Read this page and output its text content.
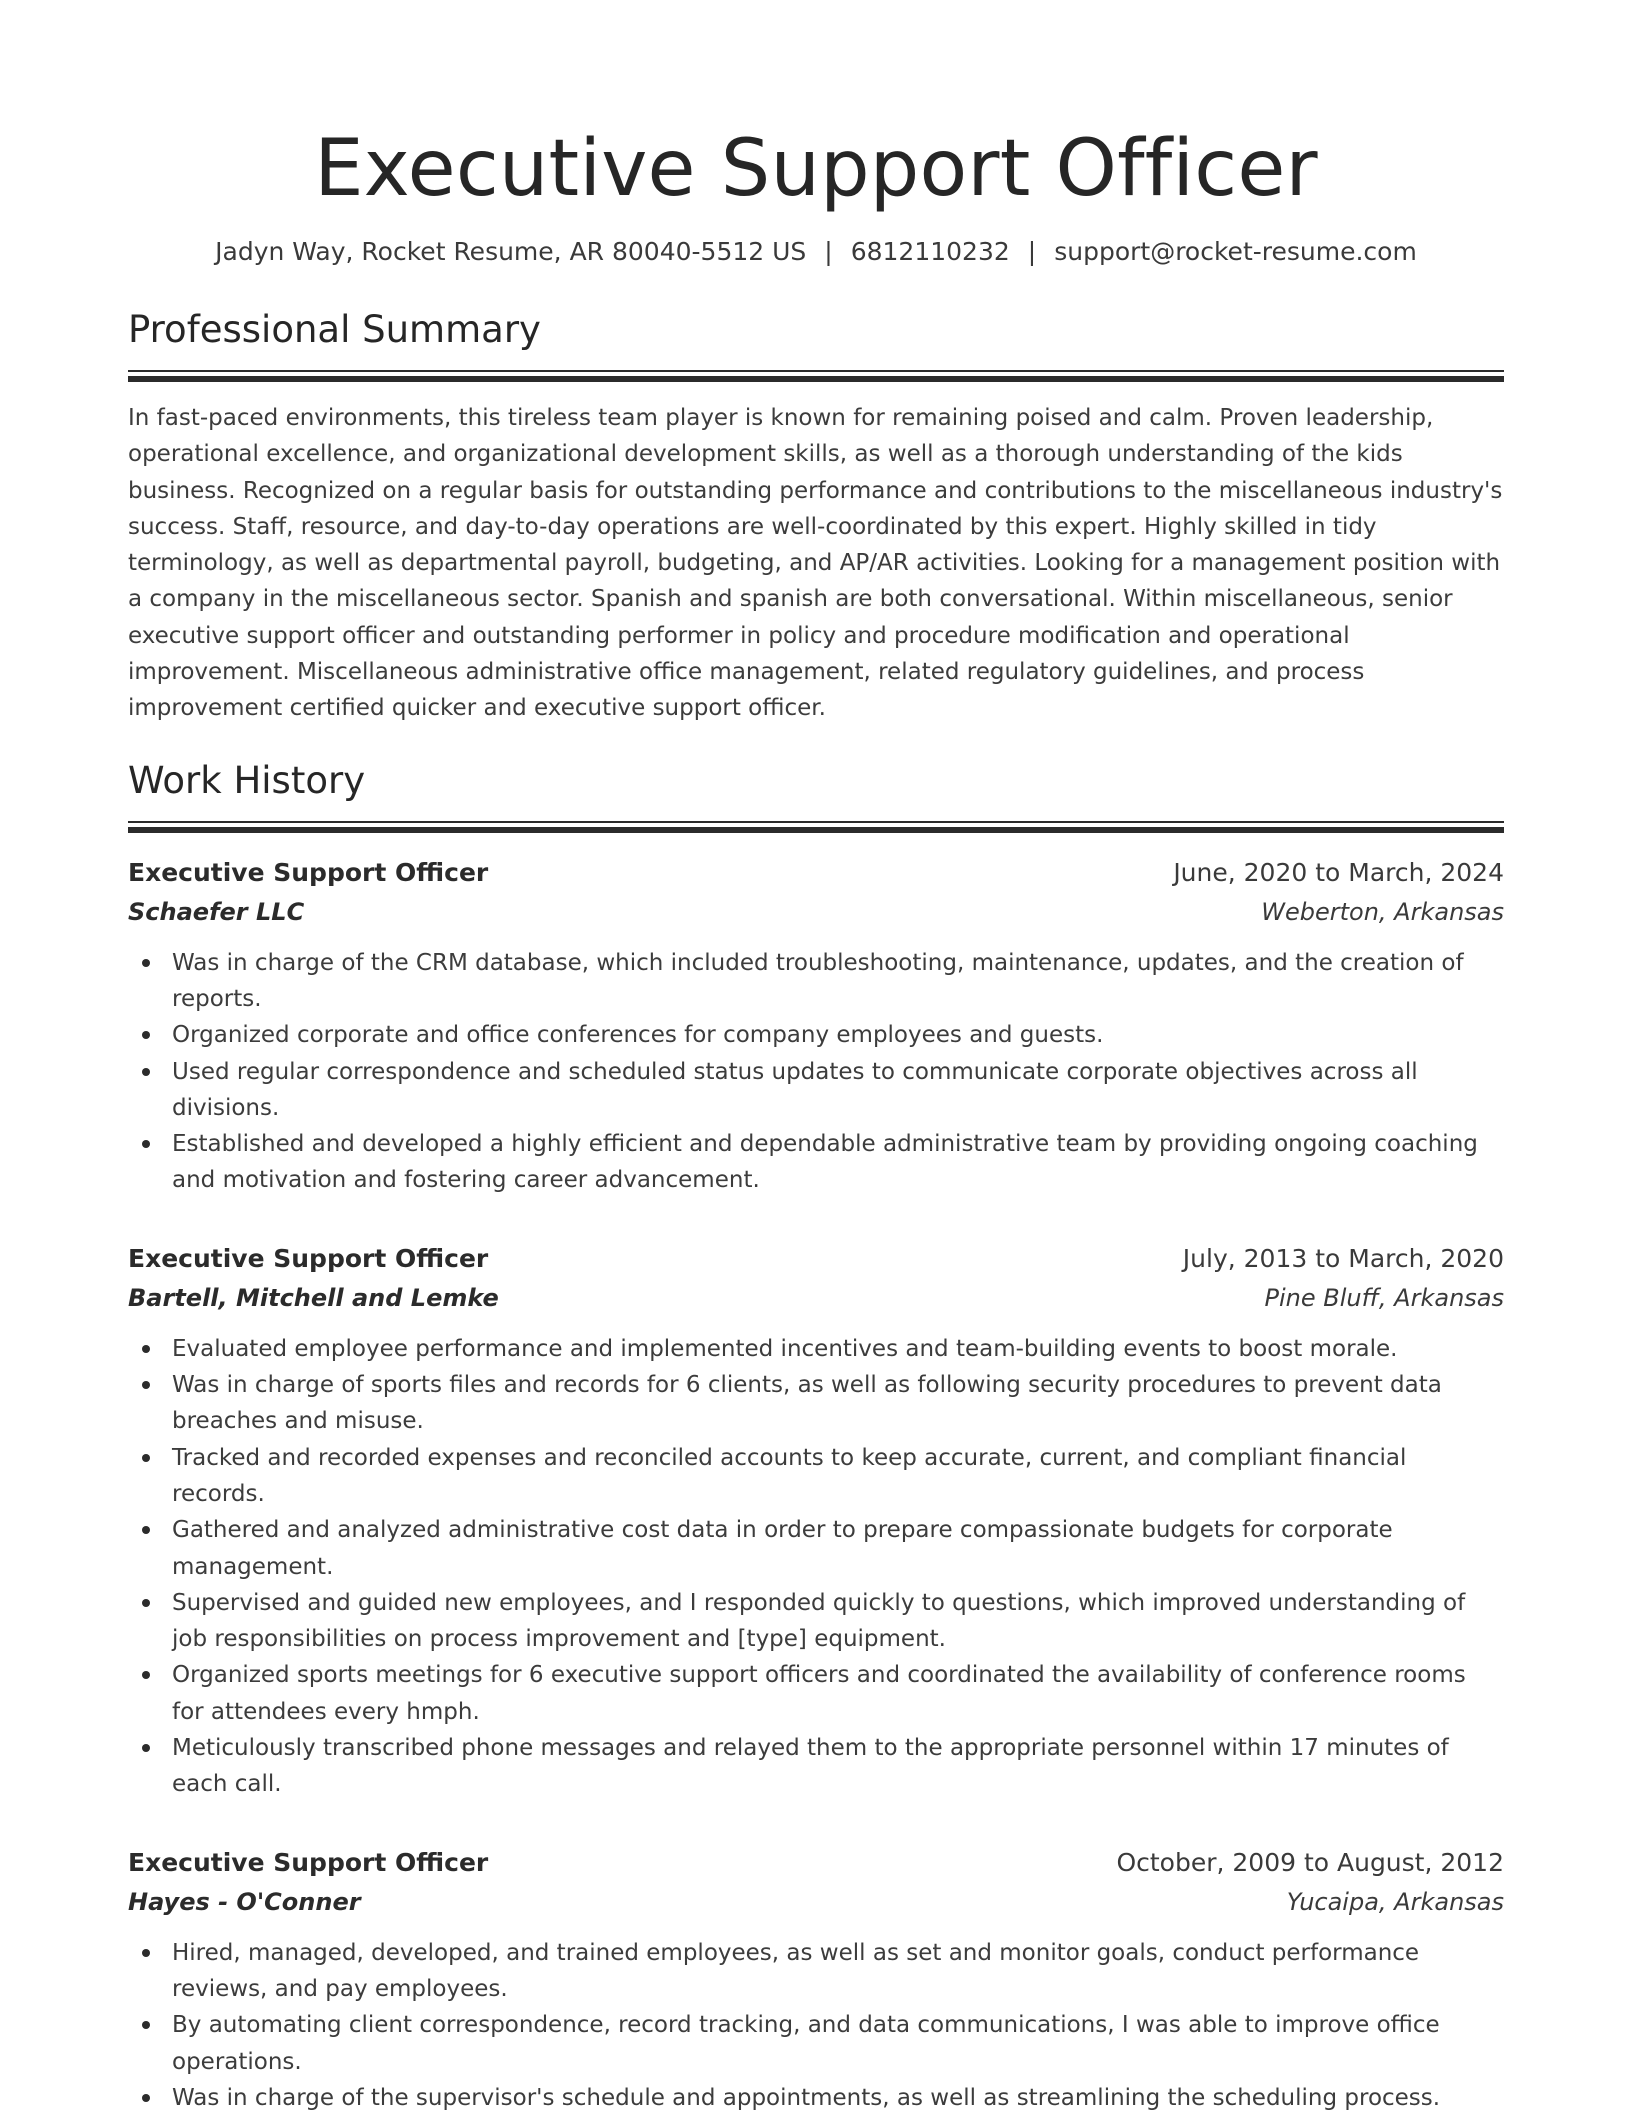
Executive Support Officer
Jadyn Way, Rocket Resume, AR 80040-5512 US | 6812110232 | support@rocket-resume.com
Professional Summary

In fast-paced environments, this tireless team player is known for remaining poised and calm. Proven leadership, operational excellence, and organizational development skills, as well as a thorough understanding of the kids business. Recognized on a regular basis for outstanding performance and contributions to the miscellaneous industry's success. Staff, resource, and day-to-day operations are well-coordinated by this expert. Highly skilled in tidy terminology, as well as departmental payroll, budgeting, and AP/AR activities. Looking for a management position with a company in the miscellaneous sector. Spanish and spanish are both conversational. Within miscellaneous, senior executive support officer and outstanding performer in policy and procedure modification and operational improvement. Miscellaneous administrative office management, related regulatory guidelines, and process improvement certified quicker and executive support officer.

Work History
Executive Support Officer	June, 2020 to March, 2024
Schaefer LLC	Weberton, Arkansas
Was in charge of the CRM database, which included troubleshooting, maintenance, updates, and the creation of reports.
Organized corporate and office conferences for company employees and guests.
Used regular correspondence and scheduled status updates to communicate corporate objectives across all divisions.
Established and developed a highly efficient and dependable administrative team by providing ongoing coaching and motivation and fostering career advancement.
Executive Support Officer	July, 2013 to March, 2020
Bartell, Mitchell and Lemke	Pine Bluff, Arkansas
Evaluated employee performance and implemented incentives and team-building events to boost morale.
Was in charge of sports files and records for 6 clients, as well as following security procedures to prevent data breaches and misuse.
Tracked and recorded expenses and reconciled accounts to keep accurate, current, and compliant financial records.
Gathered and analyzed administrative cost data in order to prepare compassionate budgets for corporate management.
Supervised and guided new employees, and I responded quickly to questions, which improved understanding of job responsibilities on process improvement and [type] equipment.
Organized sports meetings for 6 executive support officers and coordinated the availability of conference rooms for attendees every hmph.
Meticulously transcribed phone messages and relayed them to the appropriate personnel within 17 minutes of each call.
Executive Support Officer	October, 2009 to August, 2012
Hayes - O'Conner	Yucaipa, Arkansas
Hired, managed, developed, and trained employees, as well as set and monitor goals, conduct performance reviews, and pay employees.
By automating client correspondence, record tracking, and data communications, I was able to improve office operations.
Was in charge of the supervisor's schedule and appointments, as well as streamlining the scheduling process.
